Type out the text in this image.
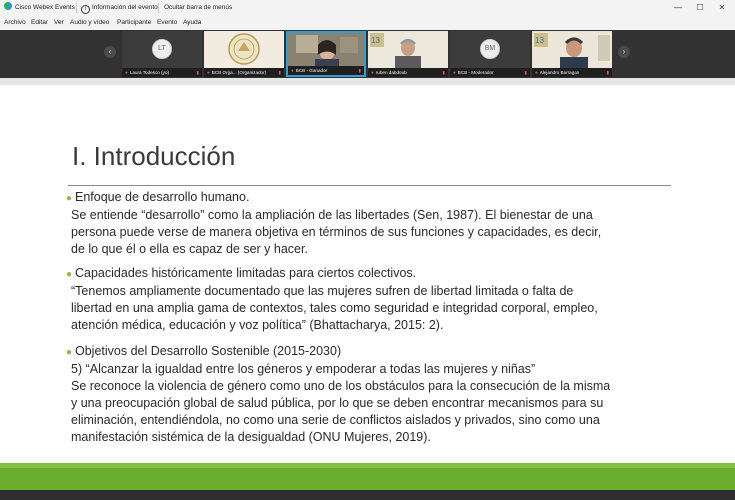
Cisco Webex Events	i Información del evento Ocultar barra de menús	—	☐	✕
Archivo Editar Ver Audio y vídeo Participante Evento Ayuda
‹	LT
● Laura Todesco (yo)	▮	● BCB Orga... (Organizador)	▮	● BCB - Ganador	▮
13
● ruben dabdoub	▮
BM
● BCB - Moderador	▮
13
● Alejandro Barragan	▮
›
I. Introducción
● Enfoque de desarrollo humano.
Se entiende “desarrollo” como la ampliación de las libertades (Sen, 1987). El bienestar de una
persona puede verse de manera objetiva en términos de sus funciones y capacidades, es decir,
de lo que él o ella es capaz de ser y hacer.
● Capacidades históricamente limitadas para ciertos colectivos.
“Tenemos ampliamente documentado que las mujeres sufren de libertad limitada o falta de
libertad en una amplia gama de contextos, tales como seguridad e integridad corporal, empleo,
atención médica, educación y voz política” (Bhattacharya, 2015: 2).
● Objetivos del Desarrollo Sostenible (2015-2030)
5) “Alcanzar la igualdad entre los géneros y empoderar a todas las mujeres y niñas”
Se reconoce la violencia de género como uno de los obstáculos para la consecución de la misma
y una preocupación global de salud pública, por lo que se deben encontrar mecanismos para su
eliminación, entendiéndola, no como una serie de conflictos aislados y privados, sino como una
manifestación sistémica de la desigualdad (ONU Mujeres, 2019).
